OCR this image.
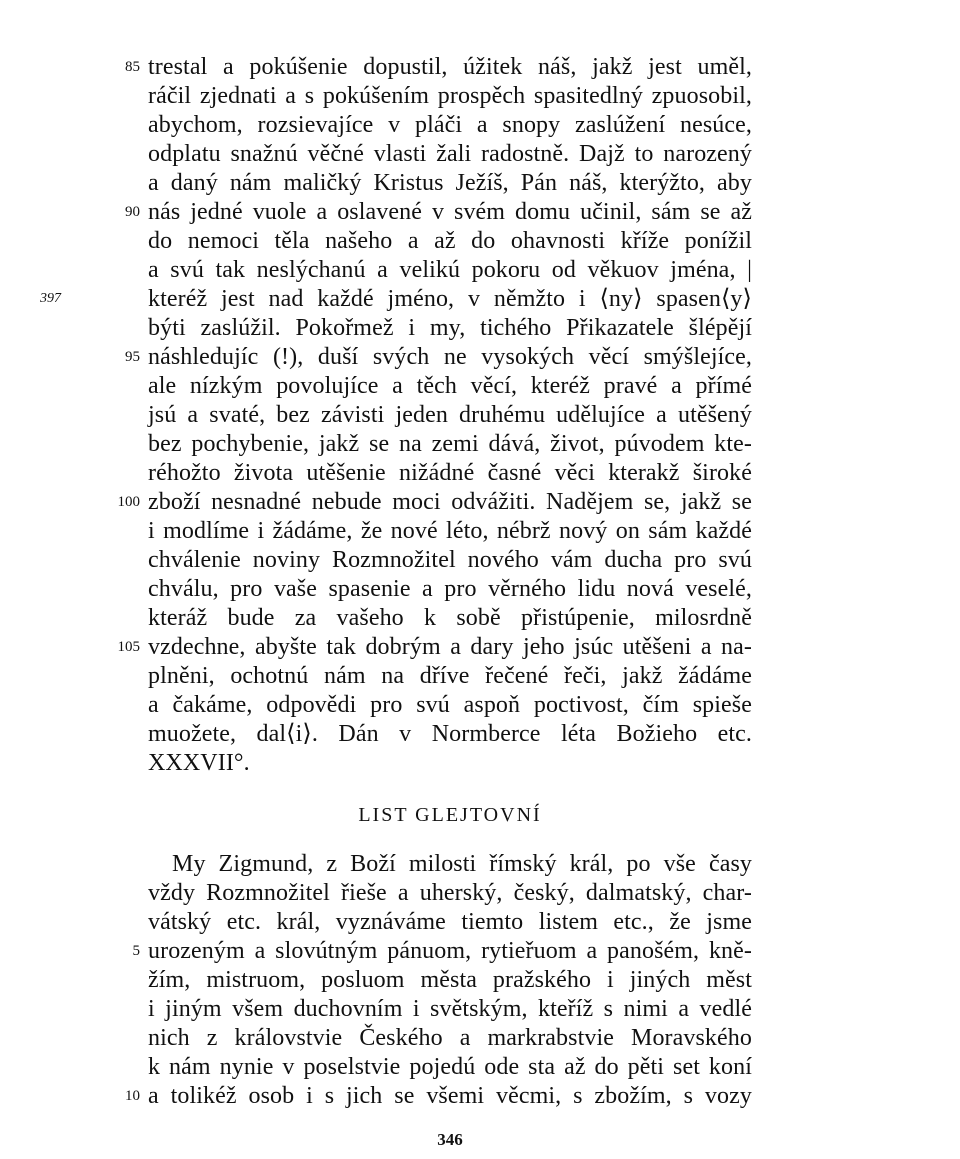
trestal a pokúšenie dopustil, úžitek náš, jakž jest uměl,
ráčil zjednati a s pokúšením prospěch spasitedlný zpuosobil,
abychom, rozsievajíce v pláči a snopy zaslúžení nesúce,
odplatu snažnú věčné vlasti žali radostně. Dajž to narozený
a daný nám maličký Kristus Ježíš, Pán náš, kterýžto, aby
nás jedné vuole a oslavené v svém domu učinil, sám se až
do nemoci těla našeho a až do ohavnosti kříže ponížil
a svú tak neslýchanú a velikú pokoru od věkuov jména, |
kteréž jest nad každé jméno, v němžto i ⟨ny⟩ spasen⟨y⟩
býti zaslúžil. Pokořmež i my, tichého Přikazatele šlépějí
náshledujíc (!), duší svých ne vysokých věcí smýšlejíce,
ale nízkým povolujíce a těch věcí, kteréž pravé a přímé
jsú a svaté, bez závisti jeden druhému udělujíce a utěšený
bez pochybenie, jakž se na zemi dává, život, púvodem kte-
réhožto života utěšenie nižádné časné věci kterakž široké
zboží nesnadné nebude moci odvážiti. Nadějem se, jakž se
i modlíme i žádáme, že nové léto, nébrž nový on sám každé
chválenie noviny Rozmnožitel nového vám ducha pro svú
chválu, pro vaše spasenie a pro věrného lidu nová veselé,
kteráž bude za vašeho k sobě přistúpenie, milosrdně
vzdechne, abyšte tak dobrým a dary jeho jsúc utěšeni a na-
plněni, ochotnú nám na dříve řečené řeči, jakž žádáme
a čakáme, odpovědi pro svú aspoň poctivost, čím spieše
muožete, dal⟨i⟩. Dán v Normberce léta Božieho etc.
XXXVII°.
85
90
95
100
105
397
LIST GLEJTOVNÍ
My Zigmund, z Boží milosti římský král, po vše časy
vždy Rozmnožitel řieše a uherský, český, dalmatský, char-
vátský etc. král, vyznáváme tiemto listem etc., že jsme
urozeným a slovútným pánuom, rytieřuom a panošém, kně-
žím, mistruom, posluom města pražského i jiných měst
i jiným všem duchovním i světským, kteříž s nimi a vedlé
nich z královstvie Českého a markrabstvie Moravského
k nám nynie v poselstvie pojedú ode sta až do pěti set koní
a tolikéž osob i s jich se všemi věcmi, s zbožím, s vozy
5
10
346
